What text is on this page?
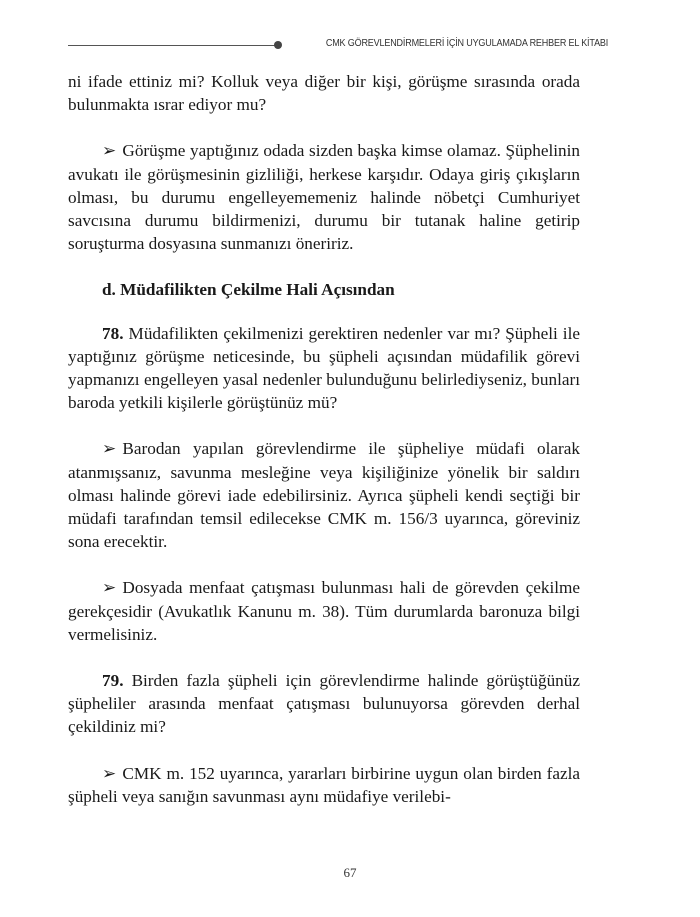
CMK GÖREVLENDİRMELERİ İÇİN UYGULAMADA REHBER EL KİTABI

ni ifade ettiniz mi? Kolluk veya diğer bir kişi, görüşme sırasında orada bulunmakta ısrar ediyor mu?

➢ Görüşme yaptığınız odada sizden başka kimse olamaz. Şüphelinin avukatı ile görüşmesinin gizliliği, herkese karşıdır. Odaya giriş çıkışların olması, bu durumu engelleyememeniz halinde nöbetçi Cumhuriyet savcısına durumu bildirmenizi, durumu bir tutanak haline getirip soruşturma dosyasına sunmanızı öneririz.

d. Müdafilikten Çekilme Hali Açısından

78. Müdafilikten çekilmenizi gerektiren nedenler var mı? Şüpheli ile yaptığınız görüşme neticesinde, bu şüpheli açısından müdafilik görevi yapmanızı engelleyen yasal nedenler bulunduğunu belirlediyseniz, bunları baroda yetkili kişilerle görüştünüz mü?

➢ Barodan yapılan görevlendirme ile şüpheliye müdafi olarak atanmışsanız, savunma mesleğine veya kişiliğinize yönelik bir saldırı olması halinde görevi iade edebilirsiniz. Ayrıca şüpheli kendi seçtiği bir müdafi tarafından temsil edilecekse CMK m. 156/3 uyarınca, göreviniz sona erecektir.

➢ Dosyada menfaat çatışması bulunması hali de görevden çekilme gerekçesidir (Avukatlık Kanunu m. 38). Tüm durumlarda baronuza bilgi vermelisiniz.

79. Birden fazla şüpheli için görevlendirme halinde görüştüğünüz şüpheliler arasında menfaat çatışması bulunuyorsa görevden derhal çekildiniz mi?

➢ CMK m. 152 uyarınca, yararları birbirine uygun olan birden fazla şüpheli veya sanığın savunması aynı müdafiye verilebi-

67
